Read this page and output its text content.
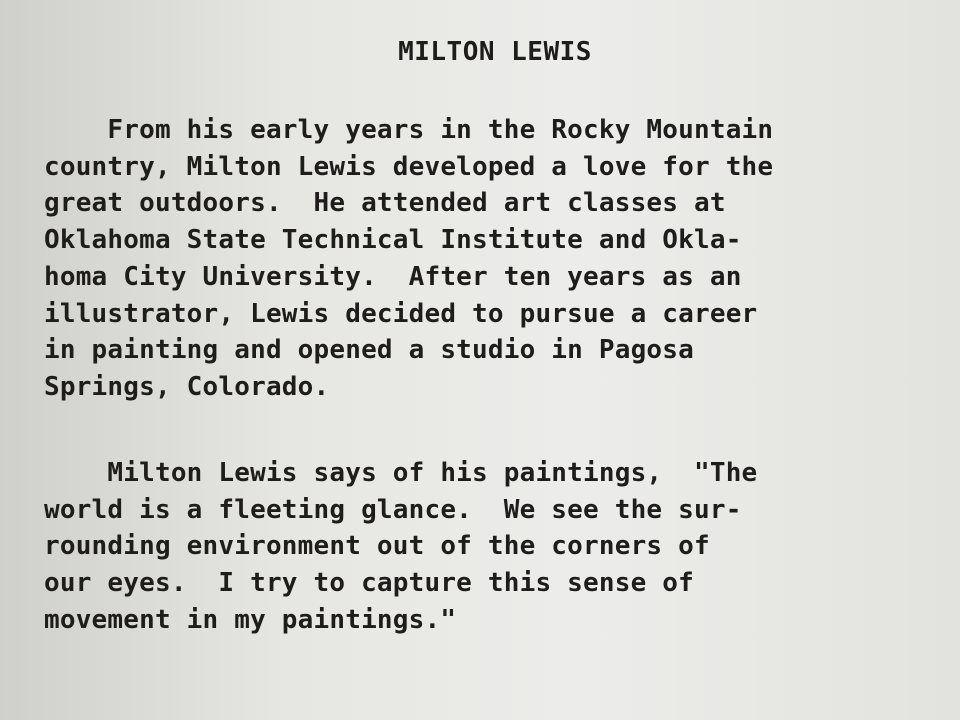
MILTON LEWIS
From his early years in the Rocky Mountain
country, Milton Lewis developed a love for the
great outdoors.  He attended art classes at
Oklahoma State Technical Institute and Okla-
homa City University.  After ten years as an
illustrator, Lewis decided to pursue a career
in painting and opened a studio in Pagosa
Springs, Colorado.
Milton Lewis says of his paintings,  "The
world is a fleeting glance.  We see the sur-
rounding environment out of the corners of
our eyes.  I try to capture this sense of
movement in my paintings."
